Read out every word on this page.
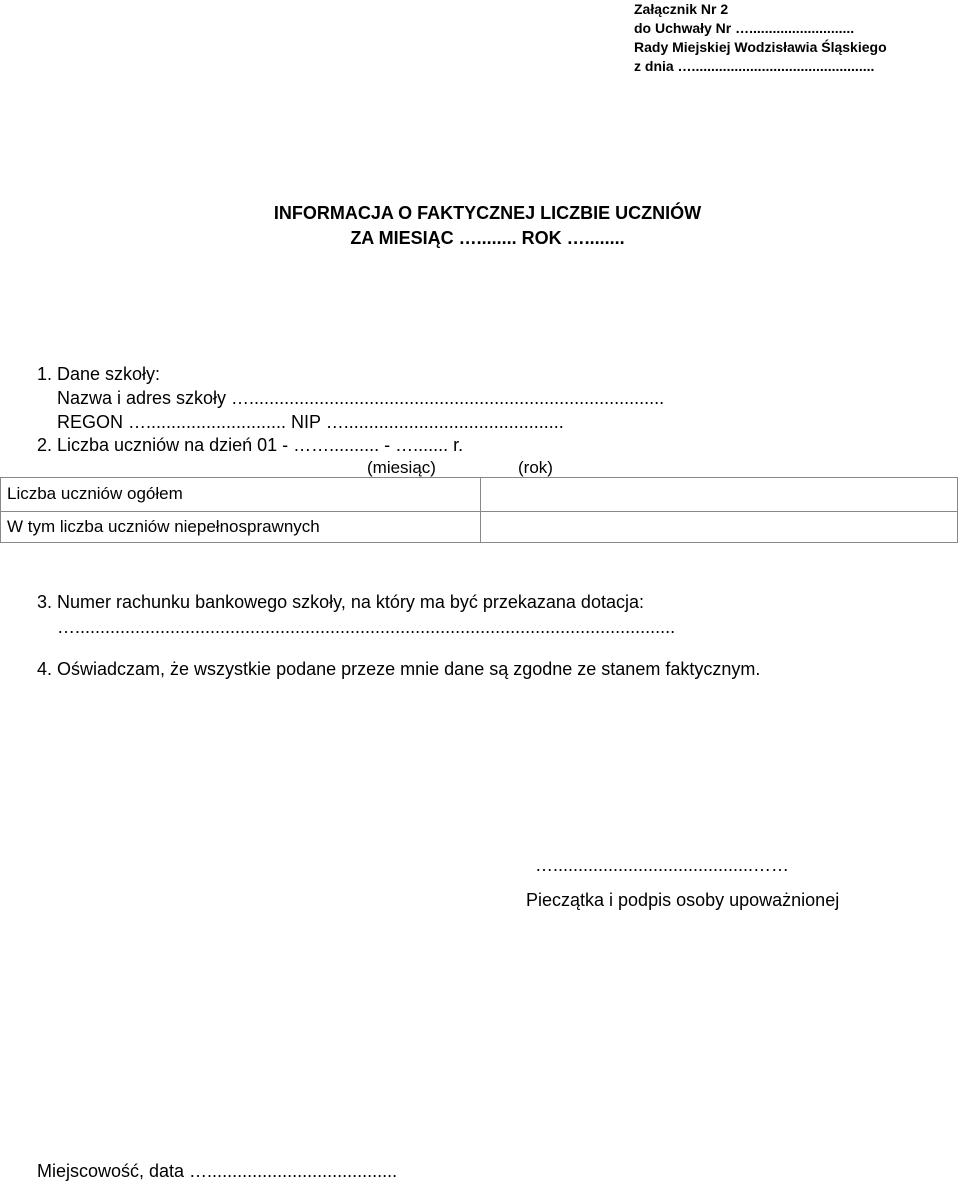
Załącznik Nr 2
do Uchwały Nr …...........................
Rady Miejskiej Wodzisławia Śląskiego
z dnia …...............................................
INFORMACJA O FAKTYCZNEJ LICZBIE UCZNIÓW
ZA MIESIĄC …........ ROK …........
1. Dane szkoły:
Nazwa i adres szkoły …...................................................................................
REGON …............................ NIP …............................................
2. Liczba uczniów na dzień 01 - …….......... - …....... r.
(miesiąc)	(rok)
Liczba uczniów ogółem
W tym liczba uczniów niepełnosprawnych
3. Numer rachunku bankowego szkoły, na który ma być przekazana dotacja:
…........................................................................................................................
4. Oświadczam, że wszystkie podane przeze mnie dane są zgodne ze stanem faktycznym.
…........................................……
Pieczątka i podpis osoby upoważnionej
Miejscowość, data …......................................
